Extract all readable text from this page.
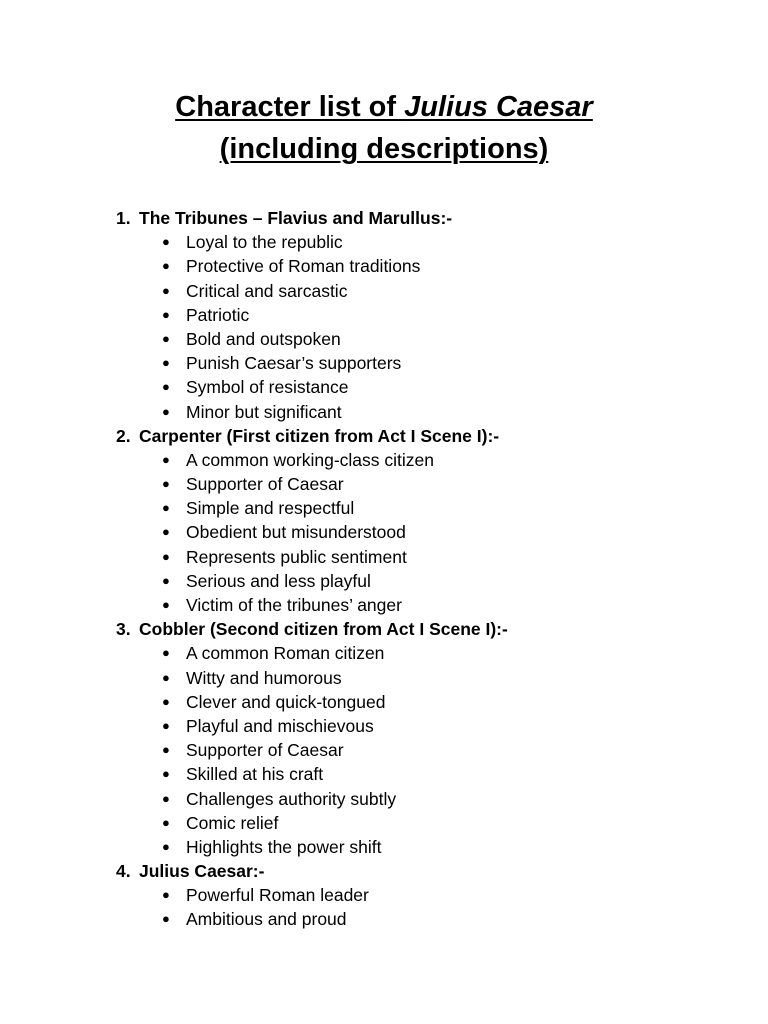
Character list of Julius Caesar
(including descriptions)
1. The Tribunes – Flavius and Marullus:-
● Loyal to the republic
● Protective of Roman traditions
● Critical and sarcastic
● Patriotic
● Bold and outspoken
● Punish Caesar’s supporters
● Symbol of resistance
● Minor but significant
2. Carpenter (First citizen from Act I Scene I):-
● A common working-class citizen
● Supporter of Caesar
● Simple and respectful
● Obedient but misunderstood
● Represents public sentiment
● Serious and less playful
● Victim of the tribunes’ anger
3. Cobbler (Second citizen from Act I Scene I):-
● A common Roman citizen
● Witty and humorous
● Clever and quick-tongued
● Playful and mischievous
● Supporter of Caesar
● Skilled at his craft
● Challenges authority subtly
● Comic relief
● Highlights the power shift
4. Julius Caesar:-
● Powerful Roman leader
● Ambitious and proud
